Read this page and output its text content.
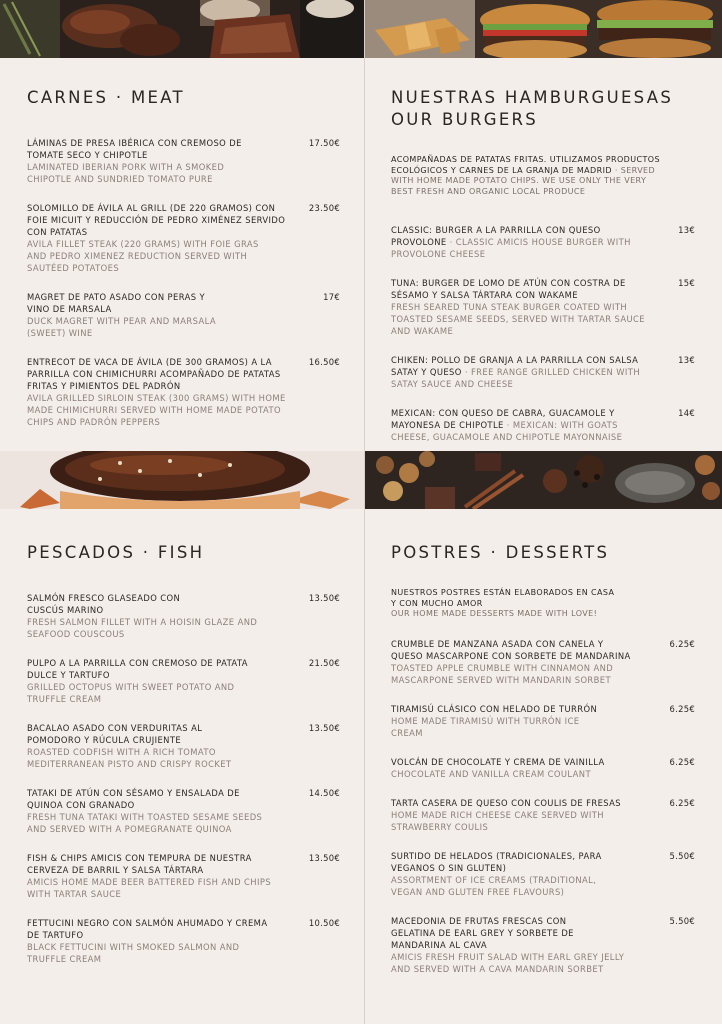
CARNES · MEAT
LÁMINAS DE PRESA IBÉRICA CON CREMOSO DE TOMATE SECO Y CHIPOTLE
LAMINATED IBERIAN PORK WITH A SMOKED CHIPOTLE AND SUNDRIED TOMATO PURE
17.50€
SOLOMILLO DE ÁVILA AL GRILL (DE 220 GRAMOS) CON FOIE MICUIT Y REDUCCIÓN DE PEDRO XIMÉNEZ SERVIDO CON PATATAS
AVILA FILLET STEAK (220 GRAMS) WITH FOIE GRAS AND PEDRO XIMENEZ REDUCTION SERVED WITH SAUTÉED POTATOES
23.50€
MAGRET DE PATO ASADO CON PERAS Y VINO DE MARSALA
DUCK MAGRET WITH PEAR AND MARSALA (SWEET) WINE
17€
ENTRECOT DE VACA DE ÁVILA (DE 300 GRAMOS) A LA PARRILLA CON CHIMICHURRI ACOMPAÑADO DE PATATAS FRITAS Y PIMIENTOS DEL PADRÓN
AVILA GRILLED SIRLOIN STEAK (300 GRAMS) WITH HOME MADE CHIMICHURRI SERVED WITH HOME MADE POTATO CHIPS AND PADRÓN PEPPERS
16.50€
NUESTRAS HAMBURGUESAS
OUR BURGERS

ACOMPAÑADAS DE PATATAS FRITAS. UTILIZAMOS PRODUCTOS ECOLÓGICOS Y CARNES DE LA GRANJA DE MADRID · SERVED WITH HOME MADE POTATO CHIPS. WE USE ONLY THE VERY BEST FRESH AND ORGANIC LOCAL PRODUCE

CLASSIC: BURGER A LA PARRILLA CON QUESO PROVOLONE · CLASSIC AMICIS HOUSE BURGER WITH PROVOLONE CHEESE
13€
TUNA: BURGER DE LOMO DE ATÚN CON COSTRA DE SÉSAMO Y SALSA TÁRTARA CON WAKAME
FRESH SEARED TUNA STEAK BURGER COATED WITH TOASTED SESAME SEEDS, SERVED WITH TARTAR SAUCE AND WAKAME
15€
CHIKEN: POLLO DE GRANJA A LA PARRILLA CON SALSA SATAY Y QUESO · FREE RANGE GRILLED CHICKEN WITH SATAY SAUCE AND CHEESE
13€
MEXICAN: CON QUESO DE CABRA, GUACAMOLE Y MAYONESA DE CHIPOTLE · MEXICAN: WITH GOATS CHEESE, GUACAMOLE AND CHIPOTLE MAYONNAISE
14€
PESCADOS · FISH
SALMÓN FRESCO GLASEADO CON CUSCÚS MARINO
FRESH SALMON FILLET WITH A HOISIN GLAZE AND SEAFOOD COUSCOUS
13.50€
PULPO A LA PARRILLA CON CREMOSO DE PATATA DULCE Y TARTUFO
GRILLED OCTOPUS WITH SWEET POTATO AND TRUFFLE CREAM
21.50€
BACALAO ASADO CON VERDURITAS AL POMODORO Y RÚCULA CRUJIENTE
ROASTED CODFISH WITH A RICH TOMATO MEDITERRANEAN PISTO AND CRISPY ROCKET
13.50€
TATAKI DE ATÚN CON SÉSAMO Y ENSALADA DE QUINOA CON GRANADO
FRESH TUNA TATAKI WITH TOASTED SESAME SEEDS AND SERVED WITH A POMEGRANATE QUINOA
14.50€
FISH & CHIPS AMICIS CON TEMPURA DE NUESTRA CERVEZA DE BARRIL Y SALSA TÁRTARA
AMICIS HOME MADE BEER BATTERED FISH AND CHIPS WITH TARTAR SAUCE
13.50€
FETTUCINI NEGRO CON SALMÓN AHUMADO Y CREMA DE TARTUFO
BLACK FETTUCINI WITH SMOKED SALMON AND TRUFFLE CREAM
10.50€
POSTRES · DESSERTS

NUESTROS POSTRES ESTÁN ELABORADOS EN CASA Y CON MUCHO AMOR
OUR HOME MADE DESSERTS MADE WITH LOVE!

CRUMBLE DE MANZANA ASADA CON CANELA Y QUESO MASCARPONE CON SORBETE DE MANDARINA
TOASTED APPLE CRUMBLE WITH CINNAMON AND MASCARPONE SERVED WITH MANDARIN SORBET
6.25€
TIRAMISÚ CLÁSICO CON HELADO DE TURRÓN
HOME MADE TIRAMISÚ WITH TURRÓN ICE CREAM
6.25€
VOLCÁN DE CHOCOLATE Y CREMA DE VAINILLA
CHOCOLATE AND VANILLA CREAM COULANT
6.25€
TARTA CASERA DE QUESO CON COULIS DE FRESAS
HOME MADE RICH CHEESE CAKE SERVED WITH STRAWBERRY COULIS
6.25€
SURTIDO DE HELADOS (TRADICIONALES, PARA VEGANOS O SIN GLUTEN)
ASSORTMENT OF ICE CREAMS (TRADITIONAL, VEGAN AND GLUTEN FREE FLAVOURS)
5.50€
MACEDONIA DE FRUTAS FRESCAS CON GELATINA DE EARL GREY Y SORBETE DE MANDARINA AL CAVA
AMICIS FRESH FRUIT SALAD WITH EARL GREY JELLY AND SERVED WITH A CAVA MANDARIN SORBET
5.50€
